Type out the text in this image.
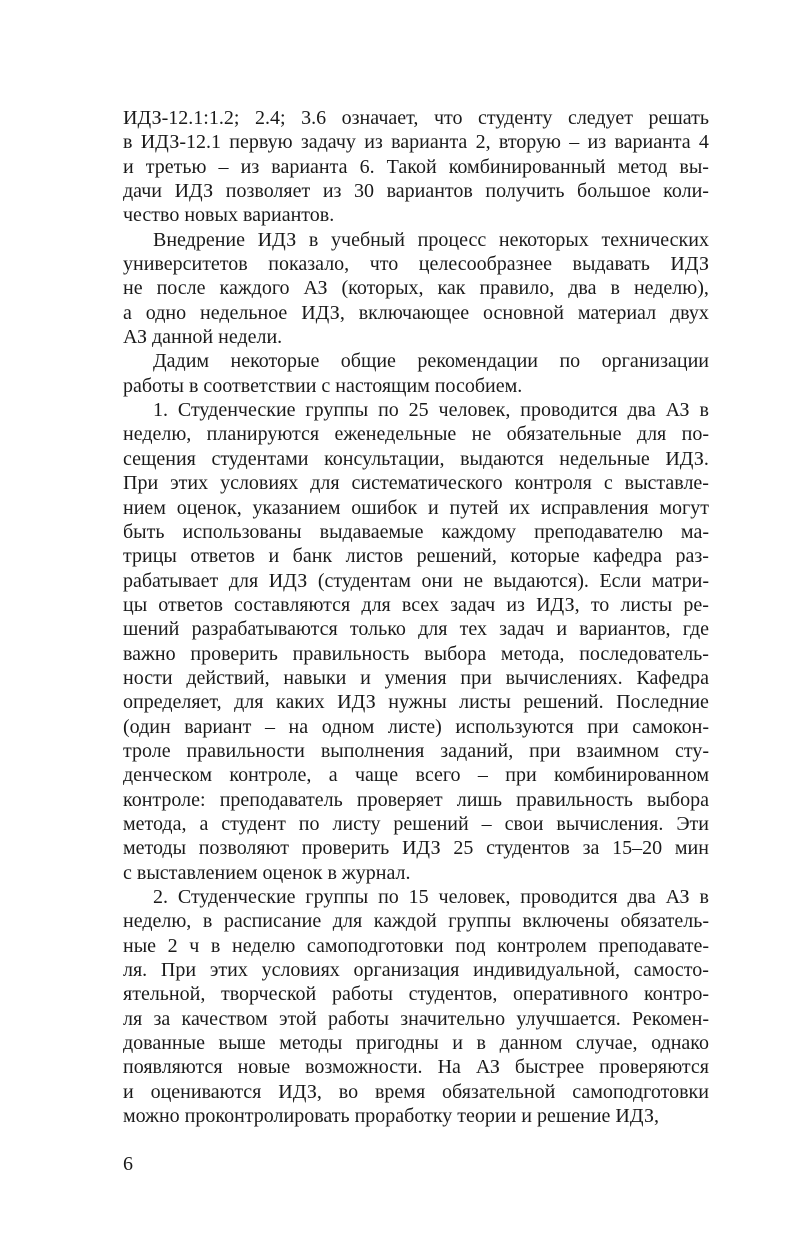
ИДЗ-12.1:1.2; 2.4; 3.6 означает, что студенту следует решать
в ИДЗ-12.1 первую задачу из варианта 2, вторую – из варианта 4
и третью – из варианта 6. Такой комбинированный метод вы-
дачи ИДЗ позволяет из 30 вариантов получить большое коли-
чество новых вариантов.
Внедрение ИДЗ в учебный процесс некоторых технических
университетов показало, что целесообразнее выдавать ИДЗ
не после каждого АЗ (которых, как правило, два в неделю),
а одно недельное ИДЗ, включающее основной материал двух
АЗ данной недели.
Дадим некоторые общие рекомендации по организации
работы в соответствии с настоящим пособием.
1. Студенческие группы по 25 человек, проводится два АЗ в
неделю, планируются еженедельные не обязательные для по-
сещения студентами консультации, выдаются недельные ИДЗ.
При этих условиях для систематического контроля с выставле-
нием оценок, указанием ошибок и путей их исправления могут
быть использованы выдаваемые каждому преподавателю ма-
трицы ответов и банк листов решений, которые кафедра раз-
рабатывает для ИДЗ (студентам они не выдаются). Если матри-
цы ответов составляются для всех задач из ИДЗ, то листы ре-
шений разрабатываются только для тех задач и вариантов, где
важно проверить правильность выбора метода, последователь-
ности действий, навыки и умения при вычислениях. Кафедра
определяет, для каких ИДЗ нужны листы решений. Последние
(один вариант – на одном листе) используются при самокон-
троле правильности выполнения заданий, при взаимном сту-
денческом контроле, а чаще всего – при комбинированном
контроле: преподаватель проверяет лишь правильность выбора
метода, а студент по листу решений – свои вычисления. Эти
методы позволяют проверить ИДЗ 25 студентов за 15–20 мин
с выставлением оценок в журнал.
2. Студенческие группы по 15 человек, проводится два АЗ в
неделю, в расписание для каждой группы включены обязатель-
ные 2 ч в неделю самоподготовки под контролем преподавате-
ля. При этих условиях организация индивидуальной, самосто-
ятельной, творческой работы студентов, оперативного контро-
ля за качеством этой работы значительно улучшается. Рекомен-
дованные выше методы пригодны и в данном случае, однако
появляются новые возможности. На АЗ быстрее проверяются
и оцениваются ИДЗ, во время обязательной самоподготовки
можно проконтролировать проработку теории и решение ИДЗ,
6
